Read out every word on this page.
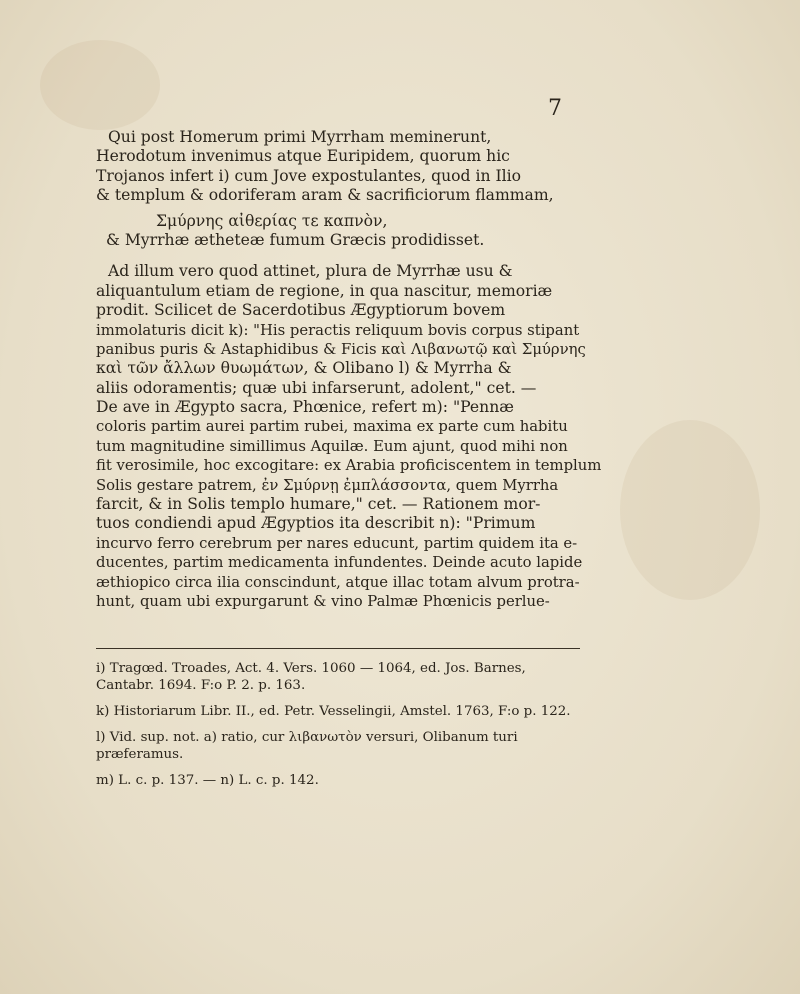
7
Qui post Homerum primi Myrrham meminerunt,
Herodotum invenimus atque Euripidem, quorum hic
Trojanos infert i) cum Jove expostulantes, quod in Ilio
& templum & odoriferam aram & sacrificiorum flammam,
Σμύρνης αἰθερίας τε καπνὸν,
& Myrrhæ ætheteæ fumum Græcis prodidisset.
Ad illum vero quod attinet, plura de Myrrhæ usu &
aliquantulum etiam de regione, in qua nascitur, memoriæ
prodit. Scilicet de Sacerdotibus Ægyptiorum bovem
immolaturis dicit k): "His peractis reliquum bovis corpus stipant
panibus puris & Astaphidibus & Ficis καὶ Λιβανωτῷ καὶ Σμύρνης
καὶ τῶν ἄλλων θυωμάτων, & Olibano l) & Myrrha &
aliis odoramentis; quæ ubi infarserunt, adolent," cet. —
De ave in Ægypto sacra, Phœnice, refert m): "Pennæ
coloris partim aurei partim rubei, maxima ex parte cum habitu
tum magnitudine simillimus Aquilæ. Eum ajunt, quod mihi non
fit verosimile, hoc excogitare: ex Arabia proficiscentem in templum
Solis gestare patrem, ἐν Σμύρνῃ ἐμπλάσσοντα, quem Myrrha
farcit, & in Solis templo humare," cet. — Rationem mor-
tuos condiendi apud Ægyptios ita describit n): "Primum
incurvo ferro cerebrum per nares educunt, partim quidem ita e-
ducentes, partim medicamenta infundentes. Deinde acuto lapide
æthiopico circa ilia conscindunt, atque illac totam alvum protra-
hunt, quam ubi expurgarunt & vino Palmæ Phœnicis perlue-
i) Tragœd. Troades, Act. 4. Vers. 1060 — 1064, ed. Jos. Barnes, Cantabr. 1694. F:o P. 2. p. 163.
k) Historiarum Libr. II., ed. Petr. Vesselingii, Amstel. 1763, F:o p. 122.
l) Vid. sup. not. a) ratio, cur λιβανωτὸν versuri, Olibanum turi præferamus.
m) L. c. p. 137. — n) L. c. p. 142.
